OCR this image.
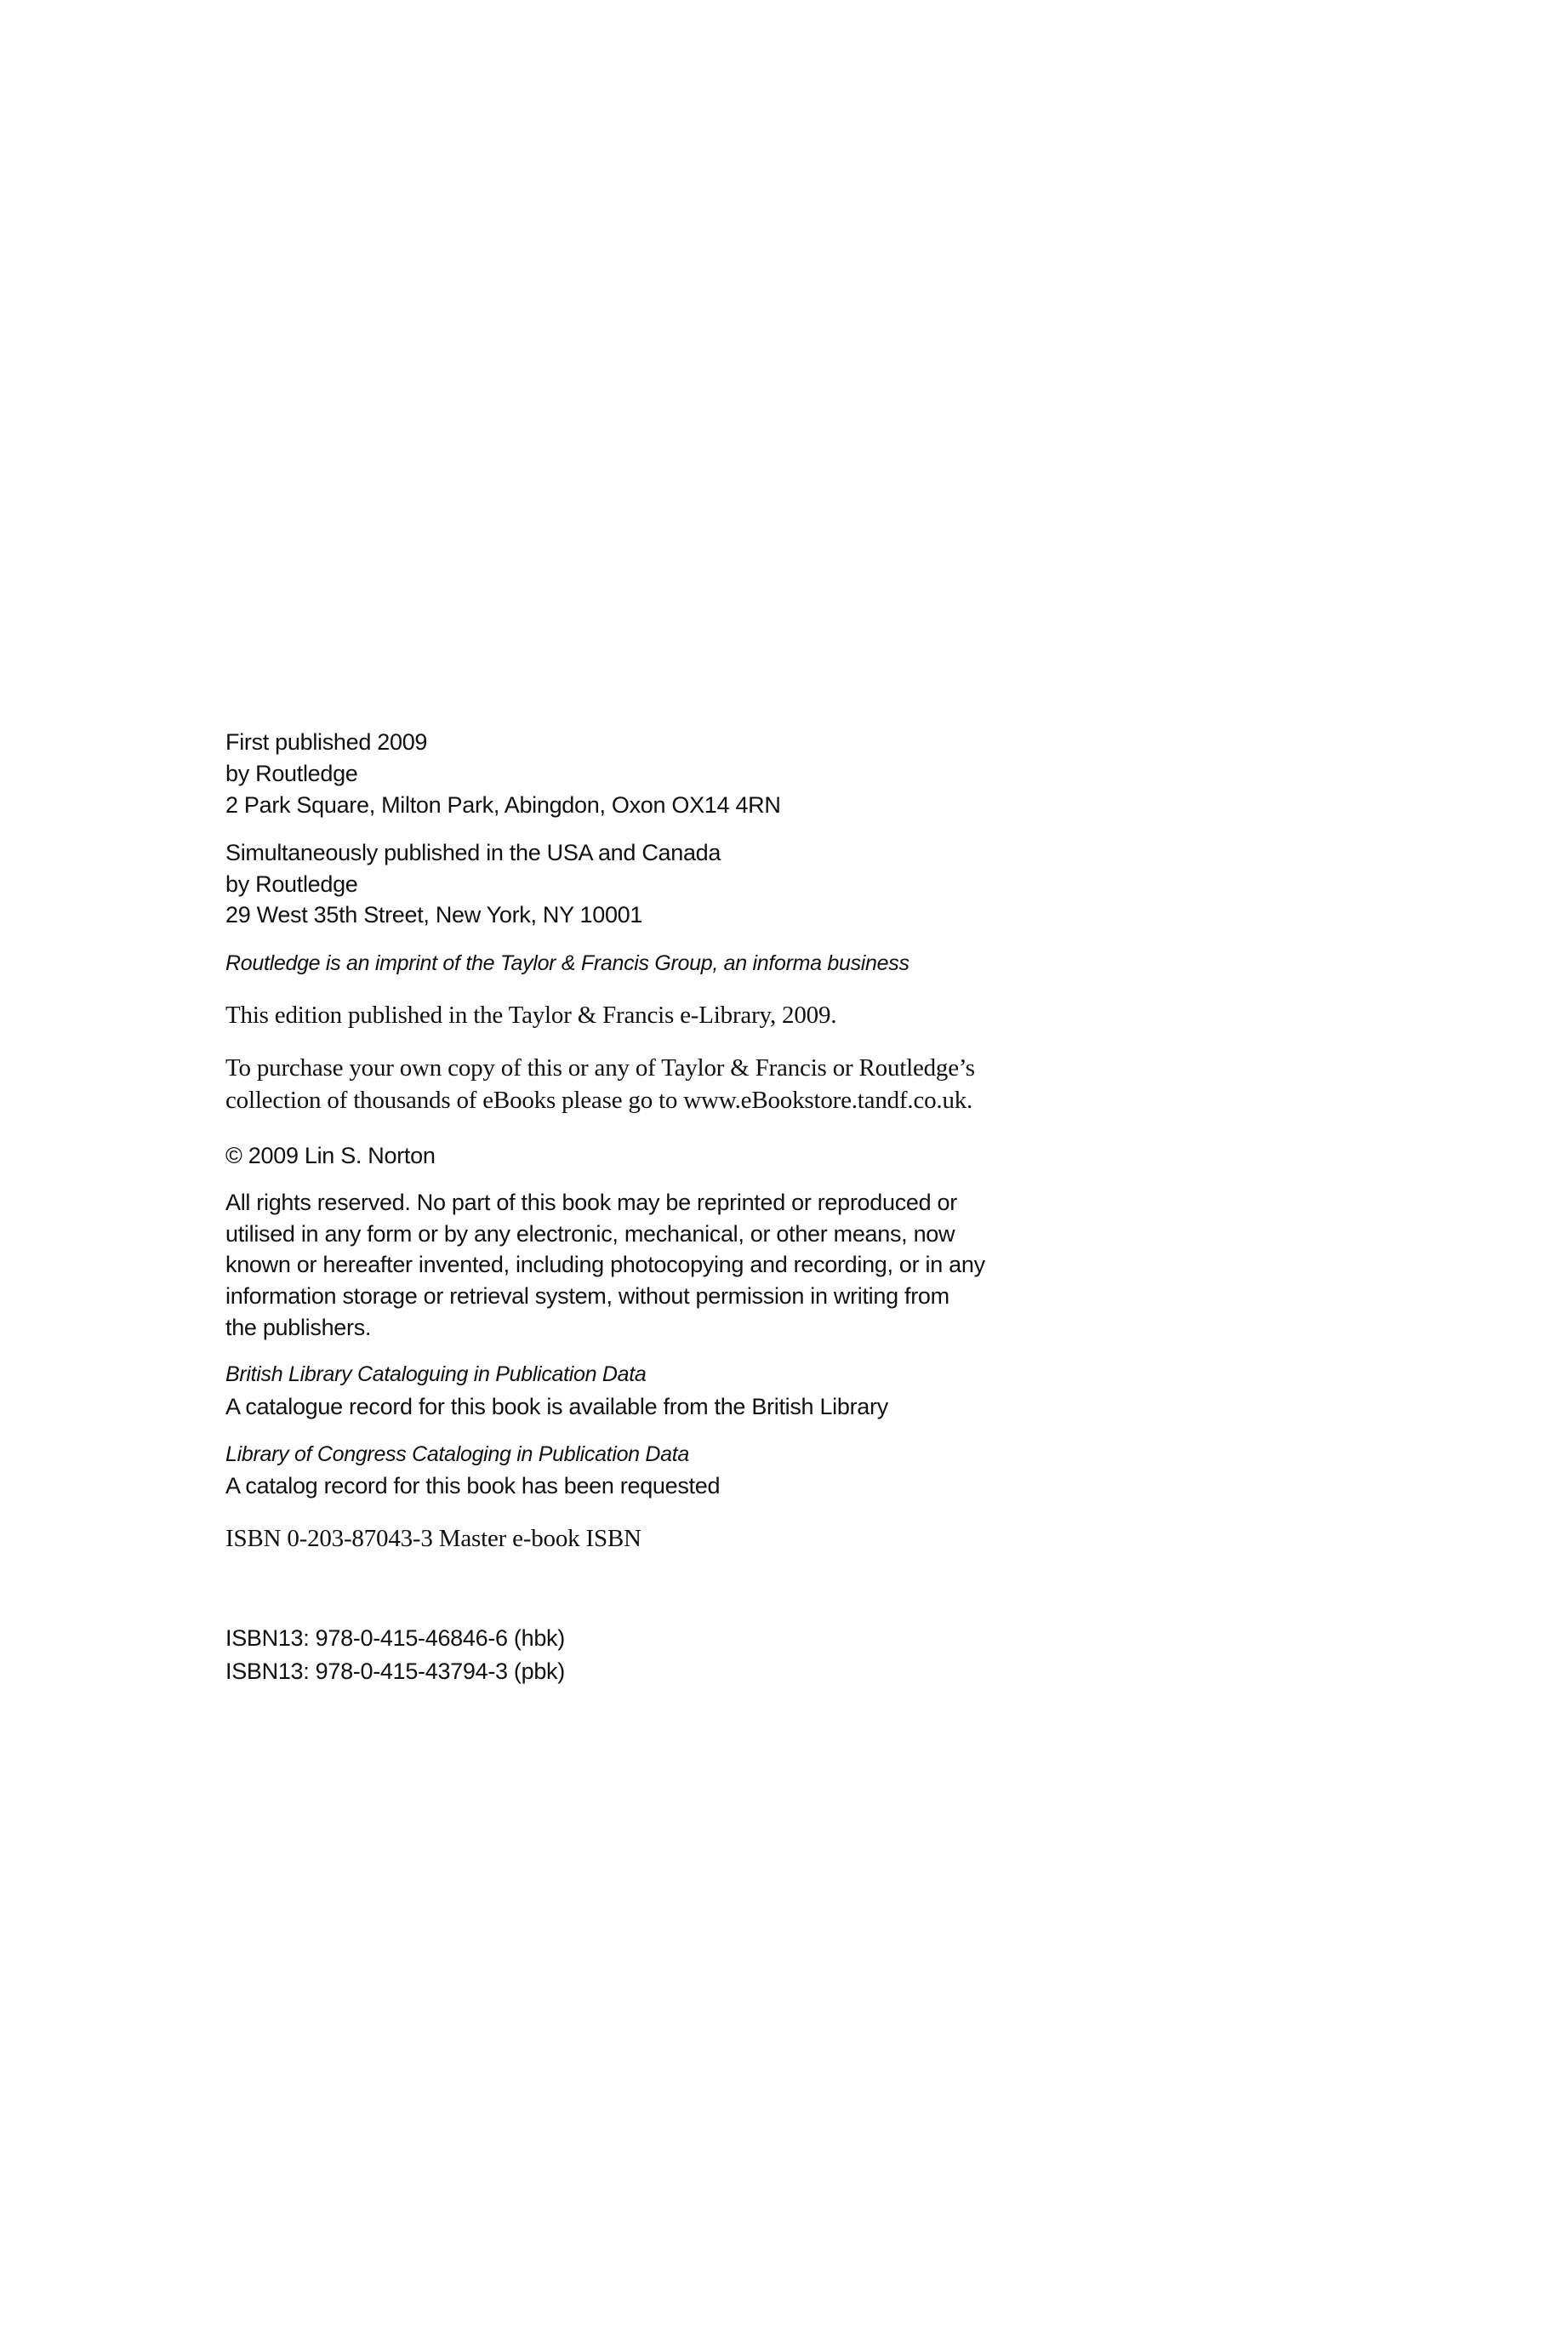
First published 2009
by Routledge
2 Park Square, Milton Park, Abingdon, Oxon OX14 4RN
Simultaneously published in the USA and Canada
by Routledge
29 West 35th Street, New York, NY 10001
Routledge is an imprint of the Taylor & Francis Group, an informa business
This edition published in the Taylor & Francis e-Library, 2009.
To purchase your own copy of this or any of Taylor & Francis or Routledge’s
collection of thousands of eBooks please go to www.eBookstore.tandf.co.uk.
© 2009 Lin S. Norton
All rights reserved. No part of this book may be reprinted or reproduced or
utilised in any form or by any electronic, mechanical, or other means, now
known or hereafter invented, including photocopying and recording, or in any
information storage or retrieval system, without permission in writing from
the publishers.
British Library Cataloguing in Publication Data
A catalogue record for this book is available from the British Library
Library of Congress Cataloging in Publication Data
A catalog record for this book has been requested
ISBN 0-203-87043-3 Master e-book ISBN
ISBN13: 978-0-415-46846-6 (hbk)
ISBN13: 978-0-415-43794-3 (pbk)
